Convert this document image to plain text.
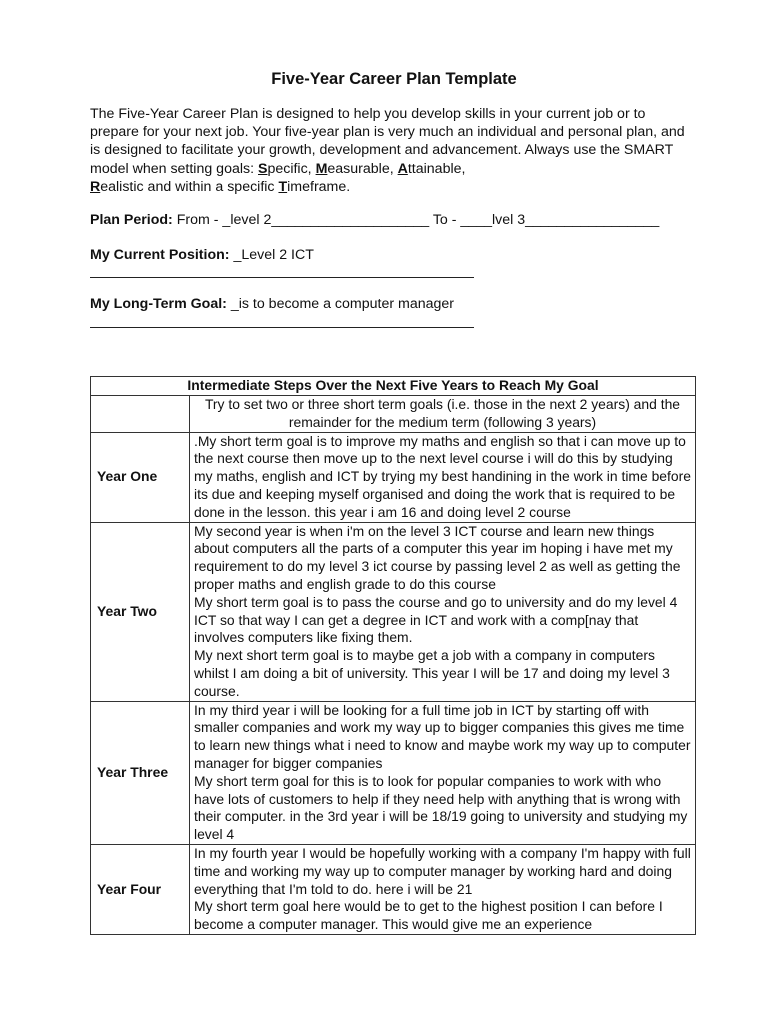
Five-Year Career Plan Template
The Five-Year Career Plan is designed to help you develop skills in your current job or to prepare for your next job. Your five-year plan is very much an individual and personal plan, and is designed to facilitate your growth, development and advancement. Always use the SMART model when setting goals: Specific, Measurable, Attainable,
Realistic and within a specific Timeframe.
Plan Period: From - _level 2____________________ To - ____lvel 3_________________
My Current Position: _Level 2 ICT
My Long-Term Goal: _is to become a computer manager
Intermediate Steps Over the Next Five Years to Reach My Goal	
	Try to set two or three short term goals (i.e. those in the next 2 years) and the remainder for the medium term (following 3 years)
Year One	.My short term goal is to improve my maths and english so that i can move up to the next course then move up to the next level course i will do this by studying my maths, english and ICT by trying my best handining in the work in time before its due and keeping myself organised and doing the work that is required to be done in the lesson. this year i am 16 and doing level 2 course

Year Two	My second year is when i'm on the level 3 ICT course and learn new things about computers all the parts of a computer this year im hoping i have met my requirement to do my level 3 ict course by passing level 2 as well as getting the proper maths and english grade to do this course
My short term goal is to pass the course and go to university and do my level 4 ICT so that way I can get a degree in ICT and work with a comp[nay that involves computers like fixing them.
My next short term goal is to maybe get a job with a company in computers whilst I am doing a bit of university. This year I will be 17 and doing my level 3 course.

Year Three	In my third year i will be looking for a full time job in ICT by starting off with smaller companies and work my way up to bigger companies this gives me time to learn new things what i need to know and maybe work my way up to computer manager for bigger companies
My short term goal for this is to look for popular companies to work with who have lots of customers to help if they need help with anything that is wrong with their computer. in the 3rd year i will be 18/19 going to university and studying my level 4

Year Four	In my fourth year I would be hopefully working with a company I'm happy with full time and working my way up to computer manager by working hard and doing everything that I'm told to do. here i will be 21
My short term goal here would be to get to the highest position I can before I become a computer manager. This would give me an experience
